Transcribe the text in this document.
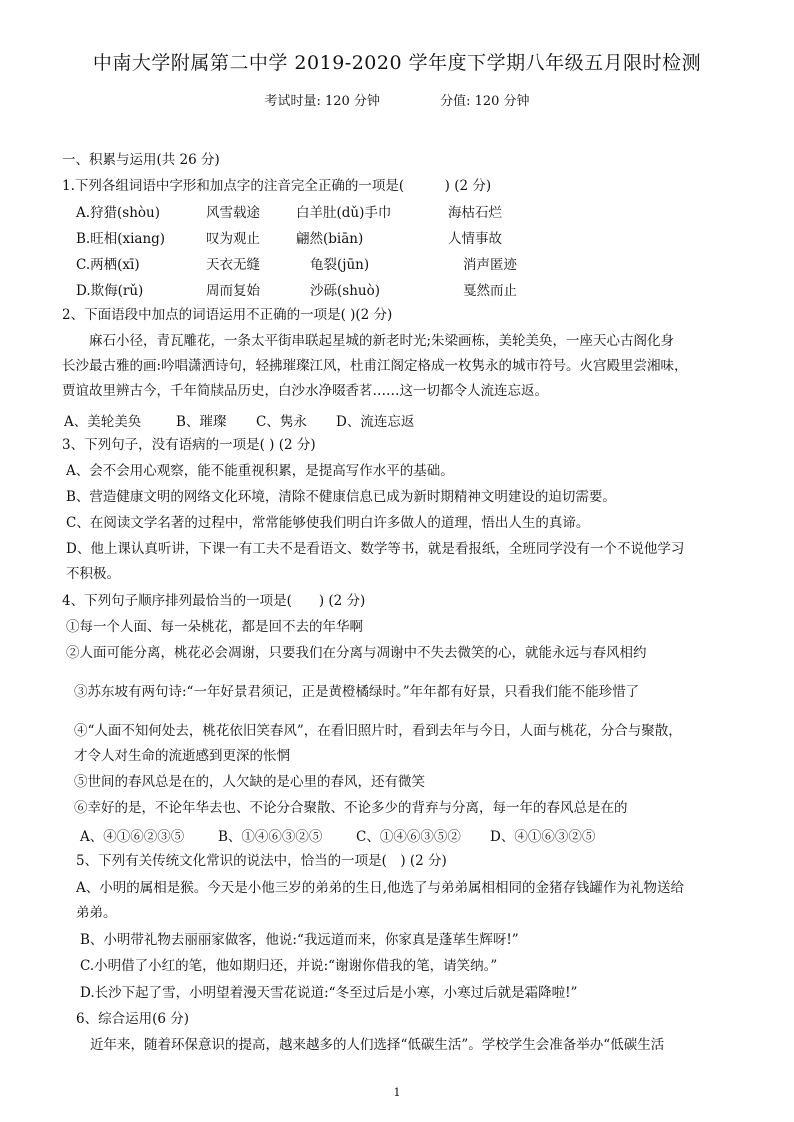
中南大学附属第二中学 2019-2020 学年度下学期八年级五月限时检测
考试时量: 120 分钟	分值: 120 分钟
一、积累与运用(共 26 分)
1.下列各组词语中字形和加点字的注音完全正确的一项是(　　　) (2 分)
A.狩猎(shòu)	风雪载途	白羊肚(dǔ)手巾	海枯石烂
B.旺相(xiang)	叹为观止	翩然(biān)	人情事故
C.两栖(xī)	天衣无缝	龟裂(jūn)	消声匿迹
D.欺侮(rǔ)	周而复始	沙砾(shuò)	戛然而止
2、下面语段中加点的词语运用不正确的一项是( )(2 分)
麻石小径，青瓦雕花，一条太平街串联起星城的新老时光;朱梁画栋，美轮美奂，一座天心古阁化身
长沙最古雅的画:吟唱潇洒诗句，轻拂璀璨江风，杜甫江阁定格成一枚隽永的城市符号。火宫殿里尝湘味，
贾谊故里辨古今，千年简牍品历史，白沙水净啜香茗……这一切都令人流连忘返。
A、美轮美奂	B、璀璨 C、隽永 D、流连忘返
3、下列句子，没有语病的一项是( ) (2 分)
A、会不会用心观察，能不能重视积累，是提高写作水平的基础。
B、营造健康文明的网络文化环境，清除不健康信息已成为新时期精神文明建设的迫切需要。
C、在阅读文学名著的过程中，常常能够使我们明白许多做人的道理，悟出人生的真谛。
D、他上课认真听讲，下课一有工夫不是看语文、数学等书，就是看报纸，全班同学没有一个不说他学习
不积极。
4、下列句子顺序排列最恰当的一项是(　　) (2 分)
①每一个人面、每一朵桃花，都是回不去的年华啊
②人面可能分离，桃花必会凋谢，只要我们在分离与凋谢中不失去微笑的心，就能永远与春风相约
③苏东坡有两句诗:“一年好景君须记，正是黄橙橘绿时。”年年都有好景，只看我们能不能珍惜了
④“人面不知何处去，桃花依旧笑春风”，在看旧照片时，看到去年与今日，人面与桃花，分合与聚散，
才令人对生命的流逝感到更深的怅惘
⑤世间的春风总是在的，人欠缺的是心里的春风，还有微笑
⑥幸好的是，不论年华去也、不论分合聚散、不论多少的背弃与分离，每一年的春风总是在的
A、④①⑥②③⑤	B、①④⑥③②⑤ C、①④⑥③⑤② D、④①⑥③②⑤
5、下列有关传统文化常识的说法中，恰当的一项是(　) (2 分)
A、小明的属相是猴。今天是小他三岁的弟弟的生日,他选了与弟弟属相相同的金猪存钱罐作为礼物送给
弟弟。
B、小明带礼物去丽丽家做客，他说:“我远道而来，你家真是蓬荜生辉呀!”
C.小明借了小红的笔，他如期归还，并说:“谢谢你借我的笔，请笑纳。”
D.长沙下起了雪，小明望着漫天雪花说道:“冬至过后是小寒，小寒过后就是霜降啦!”
6、综合运用(6 分)
近年来，随着环保意识的提高，越来越多的人们选择“低碳生活”。学校学生会准备举办“低碳生活
1
